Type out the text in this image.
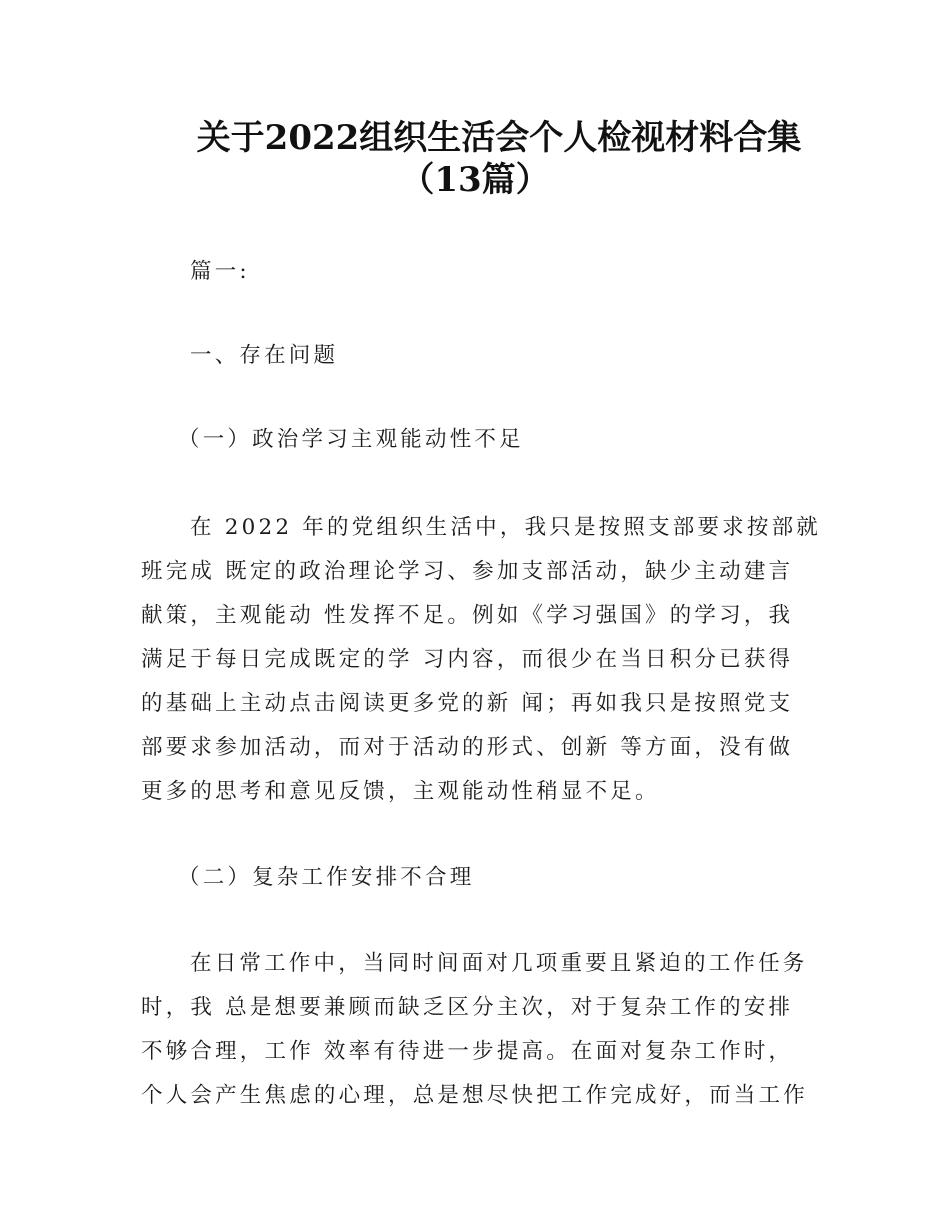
关于2022组织生活会个人检视材料合集
（13篇）
篇一:
一、存在问题
（一）政治学习主观能动性不足
在 2022 年的党组织生活中，我只是按照支部要求按部就
班完成 既定的政治理论学习、参加支部活动，缺少主动建言
献策，主观能动 性发挥不足。例如《学习强国》的学习，我
满足于每日完成既定的学 习内容，而很少在当日积分已获得
的基础上主动点击阅读更多党的新 闻；再如我只是按照党支
部要求参加活动，而对于活动的形式、创新 等方面，没有做
更多的思考和意见反馈，主观能动性稍显不足。
（二）复杂工作安排不合理
在日常工作中，当同时间面对几项重要且紧迫的工作任务
时，我 总是想要兼顾而缺乏区分主次，对于复杂工作的安排
不够合理，工作 效率有待进一步提高。在面对复杂工作时，
个人会产生焦虑的心理，总是想尽快把工作完成好，而当工作
